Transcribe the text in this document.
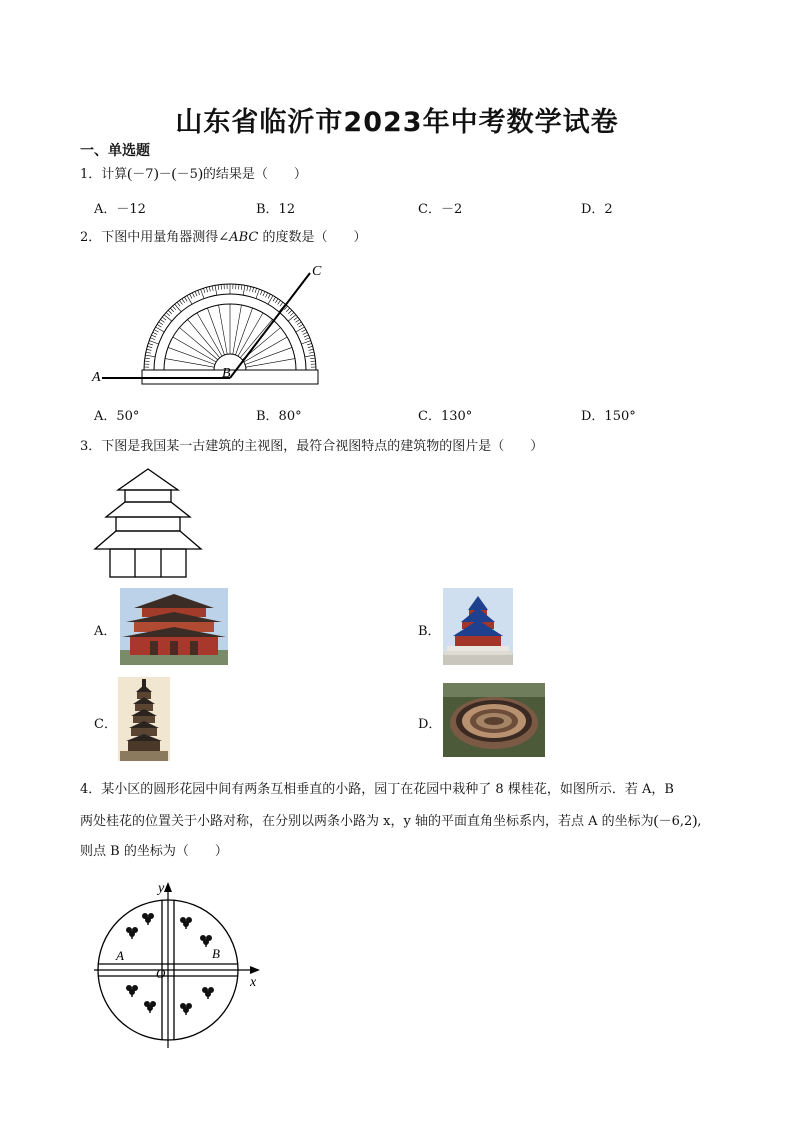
山东省临沂市2023年中考数学试卷
一、单选题
1．计算(－7)－(－5)的结果是（　　）
A．－12	B．12	C．－2	D．2
2．下图中用量角器测得∠ABC 的度数是（　　）
A	B
C
A．50°	B．80°	C．130°	D．150°
3．下图是我国某一古建筑的主视图，最符合视图特点的建筑物的图片是（　　）
A．	B．
C．	D．
4．某小区的圆形花园中间有两条互相垂直的小路，园丁在花园中栽种了 8 棵桂花，如图所示．若 A，B
两处桂花的位置关于小路对称，在分别以两条小路为 x，y 轴的平面直角坐标系内，若点 A 的坐标为(－6,2),
则点 B 的坐标为（　　）
y
x
O
A	B
